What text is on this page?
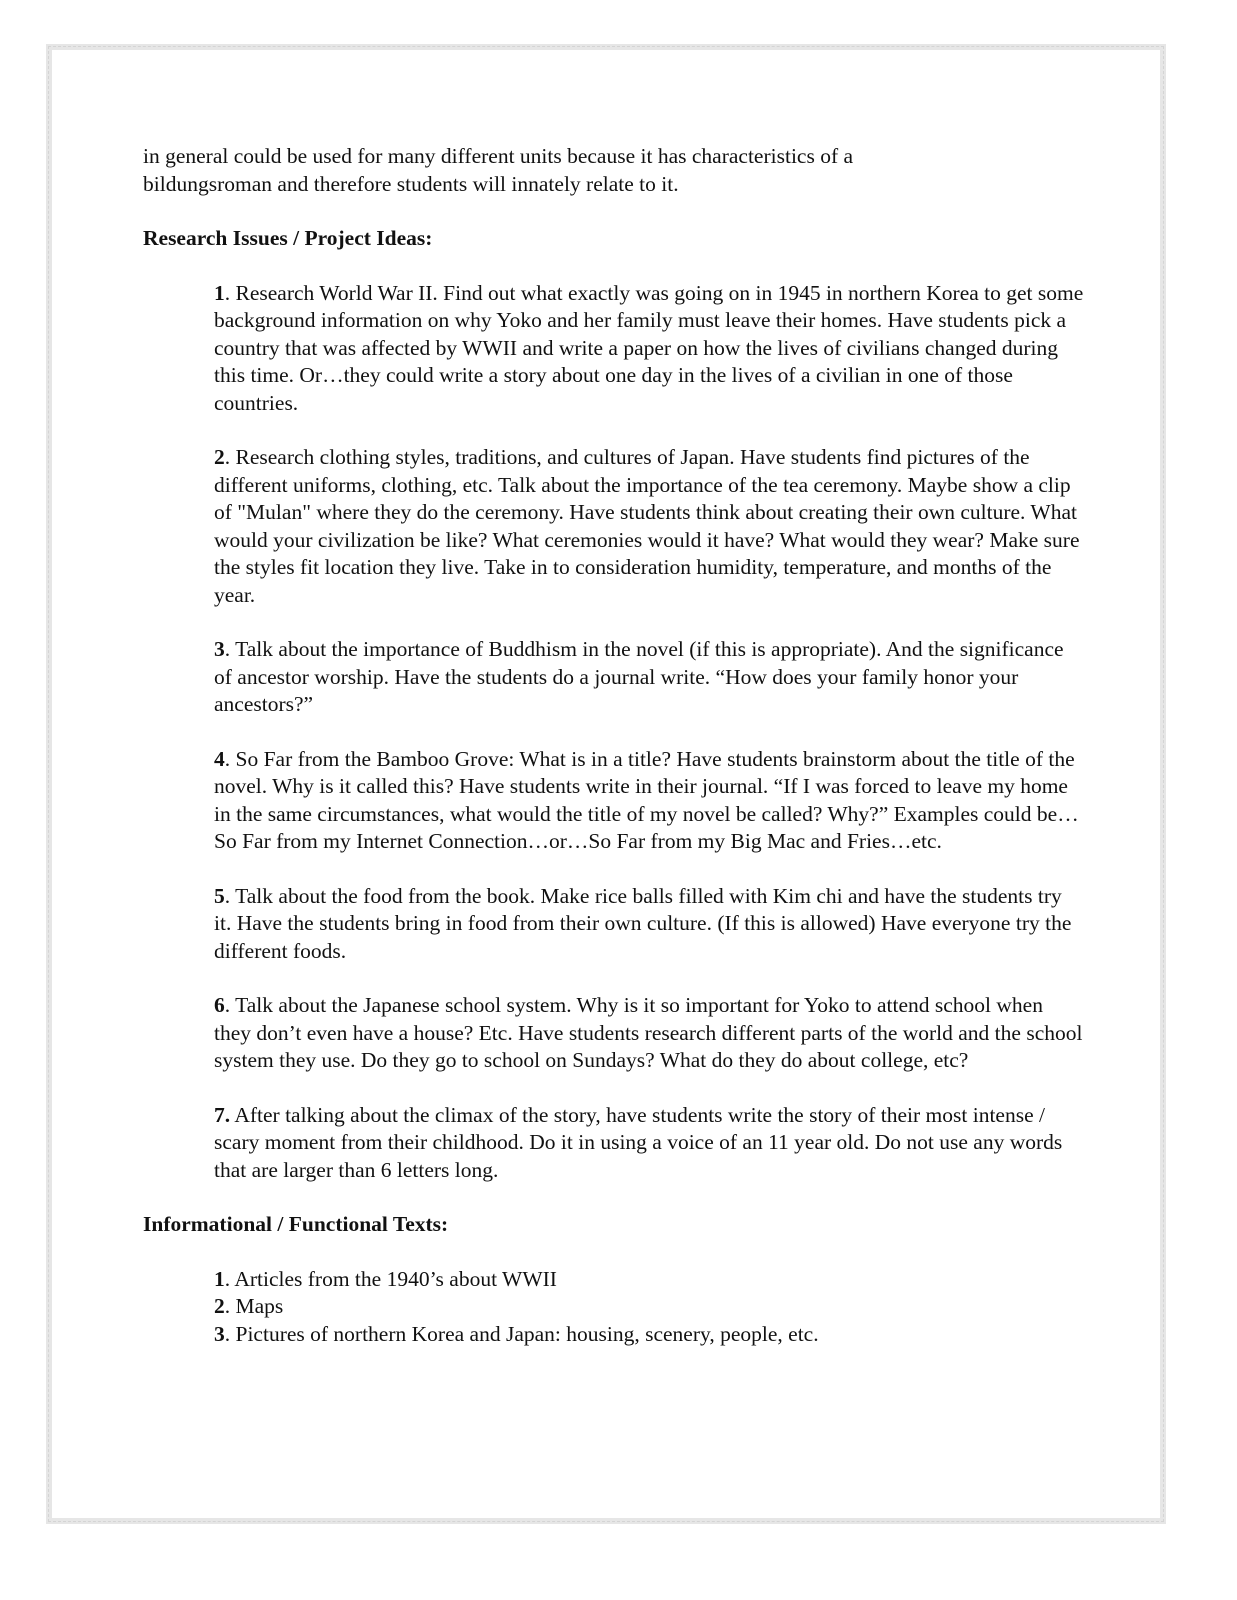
in general could be used for many different units because it has characteristics of a bildungsroman and therefore students will innately relate to it.

Research Issues / Project Ideas:

1. Research World War II. Find out what exactly was going on in 1945 in northern Korea to get some background information on why Yoko and her family must leave their homes. Have students pick a country that was affected by WWII and write a paper on how the lives of civilians changed during this time. Or…they could write a story about one day in the lives of a civilian in one of those countries.

2. Research clothing styles, traditions, and cultures of Japan. Have students find pictures of the different uniforms, clothing, etc. Talk about the importance of the tea ceremony. Maybe show a clip of "Mulan" where they do the ceremony. Have students think about creating their own culture. What would your civilization be like? What ceremonies would it have? What would they wear? Make sure the styles fit location they live. Take in to consideration humidity, temperature, and months of the year.

3. Talk about the importance of Buddhism in the novel (if this is appropriate). And the significance of ancestor worship. Have the students do a journal write. “How does your family honor your ancestors?”

4. So Far from the Bamboo Grove: What is in a title? Have students brainstorm about the title of the novel. Why is it called this? Have students write in their journal. “If I was forced to leave my home in the same circumstances, what would the title of my novel be called? Why?” Examples could be…So Far from my Internet Connection…or…So Far from my Big Mac and Fries…etc.

5. Talk about the food from the book. Make rice balls filled with Kim chi and have the students try it. Have the students bring in food from their own culture. (If this is allowed) Have everyone try the different foods.

6. Talk about the Japanese school system. Why is it so important for Yoko to attend school when they don’t even have a house? Etc. Have students research different parts of the world and the school system they use. Do they go to school on Sundays? What do they do about college, etc?

7. After talking about the climax of the story, have students write the story of their most intense / scary moment from their childhood. Do it in using a voice of an 11 year old. Do not use any words that are larger than 6 letters long.

Informational / Functional Texts:

1. Articles from the 1940’s about WWII

2. Maps

3. Pictures of northern Korea and Japan: housing, scenery, people, etc.
